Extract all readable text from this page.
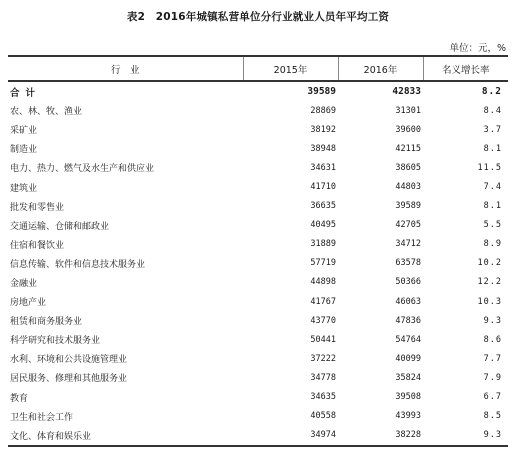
表2　2016年城镇私营单位分行业就业人员年平均工资
单位：元，%
行　业	2015年	2016年	名义增长率
合计	39589	42833	8.2
农、林、牧、渔业	28869	31301	8.4
采矿业	38192	39600	3.7
制造业	38948	42115	8.1
电力、热力、燃气及水生产和供应业	34631	38605	11.5
建筑业	41710	44803	7.4
批发和零售业	36635	39589	8.1
交通运输、仓储和邮政业	40495	42705	5.5
住宿和餐饮业	31889	34712	8.9
信息传输、软件和信息技术服务业	57719	63578	10.2
金融业	44898	50366	12.2
房地产业	41767	46063	10.3
租赁和商务服务业	43770	47836	9.3
科学研究和技术服务业	50441	54764	8.6
水利、环境和公共设施管理业	37222	40099	7.7
居民服务、修理和其他服务业	34778	35824	7.9
教育	34635	39508	6.7
卫生和社会工作	40558	43993	8.5
文化、体育和娱乐业	34974	38228	9.3
